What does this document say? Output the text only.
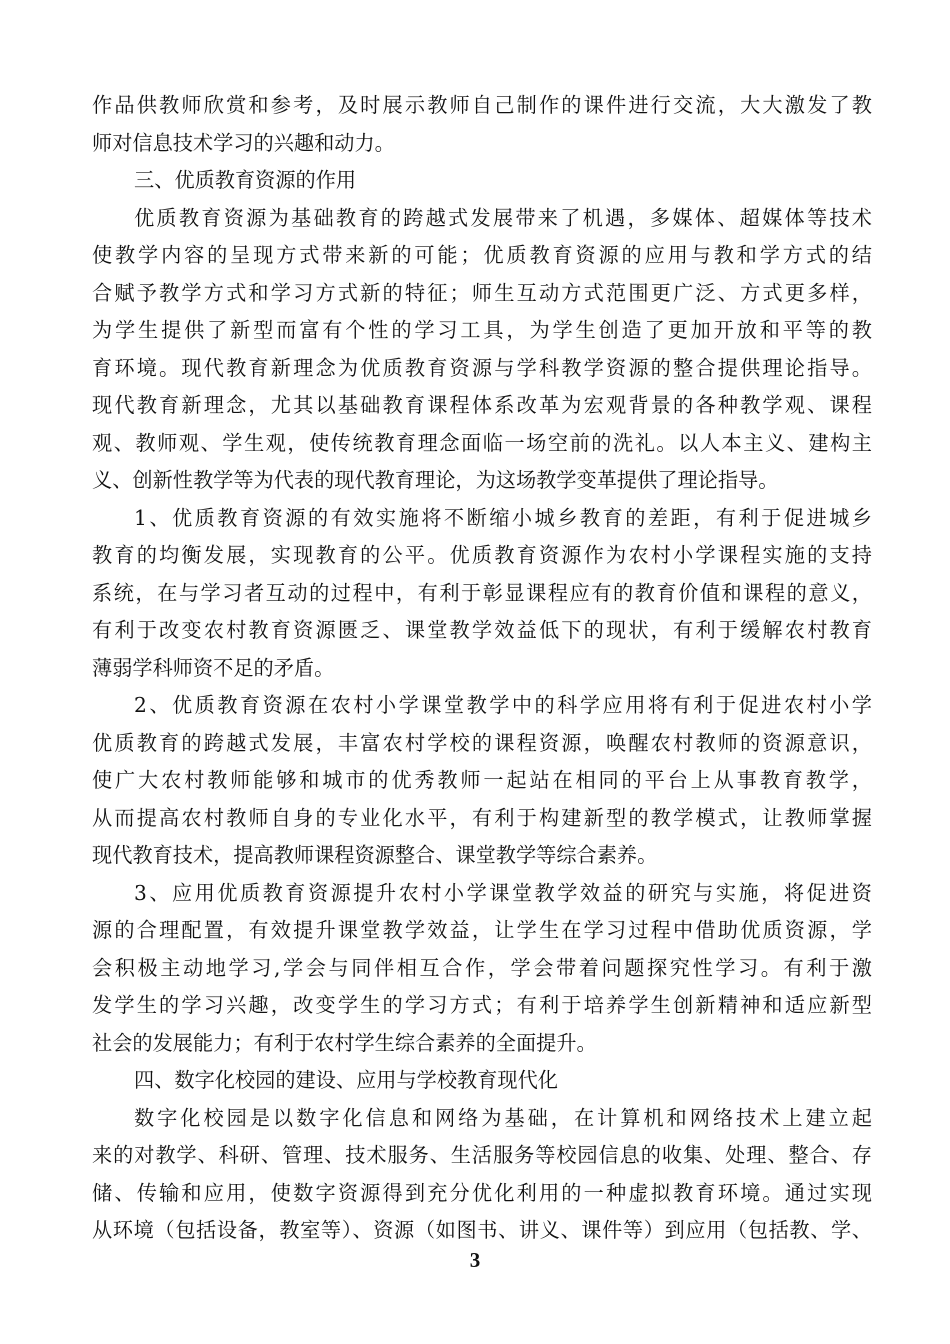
作品供教师欣赏和参考，及时展示教师自己制作的课件进行交流，大大激发了教
师对信息技术学习的兴趣和动力。
三、优质教育资源的作用
优质教育资源为基础教育的跨越式发展带来了机遇，多媒体、超媒体等技术
使教学内容的呈现方式带来新的可能；优质教育资源的应用与教和学方式的结
合赋予教学方式和学习方式新的特征；师生互动方式范围更广泛、方式更多样，
为学生提供了新型而富有个性的学习工具，为学生创造了更加开放和平等的教
育环境。现代教育新理念为优质教育资源与学科教学资源的整合提供理论指导。
现代教育新理念，尤其以基础教育课程体系改革为宏观背景的各种教学观、课程
观、教师观、学生观，使传统教育理念面临一场空前的洗礼。以人本主义、建构主
义、创新性教学等为代表的现代教育理论，为这场教学变革提供了理论指导。
1、优质教育资源的有效实施将不断缩小城乡教育的差距，有利于促进城乡
教育的均衡发展，实现教育的公平。优质教育资源作为农村小学课程实施的支持
系统，在与学习者互动的过程中，有利于彰显课程应有的教育价值和课程的意义，
有利于改变农村教育资源匮乏、课堂教学效益低下的现状，有利于缓解农村教育
薄弱学科师资不足的矛盾。
2、优质教育资源在农村小学课堂教学中的科学应用将有利于促进农村小学
优质教育的跨越式发展，丰富农村学校的课程资源，唤醒农村教师的资源意识，
使广大农村教师能够和城市的优秀教师一起站在相同的平台上从事教育教学，
从而提高农村教师自身的专业化水平，有利于构建新型的教学模式，让教师掌握
现代教育技术，提高教师课程资源整合、课堂教学等综合素养。
3、应用优质教育资源提升农村小学课堂教学效益的研究与实施，将促进资
源的合理配置，有效提升课堂教学效益，让学生在学习过程中借助优质资源，学
会积极主动地学习,学会与同伴相互合作，学会带着问题探究性学习。有利于激
发学生的学习兴趣，改变学生的学习方式；有利于培养学生创新精神和适应新型
社会的发展能力；有利于农村学生综合素养的全面提升。
四、数字化校园的建设、应用与学校教育现代化
数字化校园是以数字化信息和网络为基础，在计算机和网络技术上建立起
来的对教学、科研、管理、技术服务、生活服务等校园信息的收集、处理、整合、存
储、传输和应用，使数字资源得到充分优化利用的一种虚拟教育环境。通过实现
从环境（包括设备，教室等）、资源（如图书、讲义、课件等）到应用（包括教、学、
3
